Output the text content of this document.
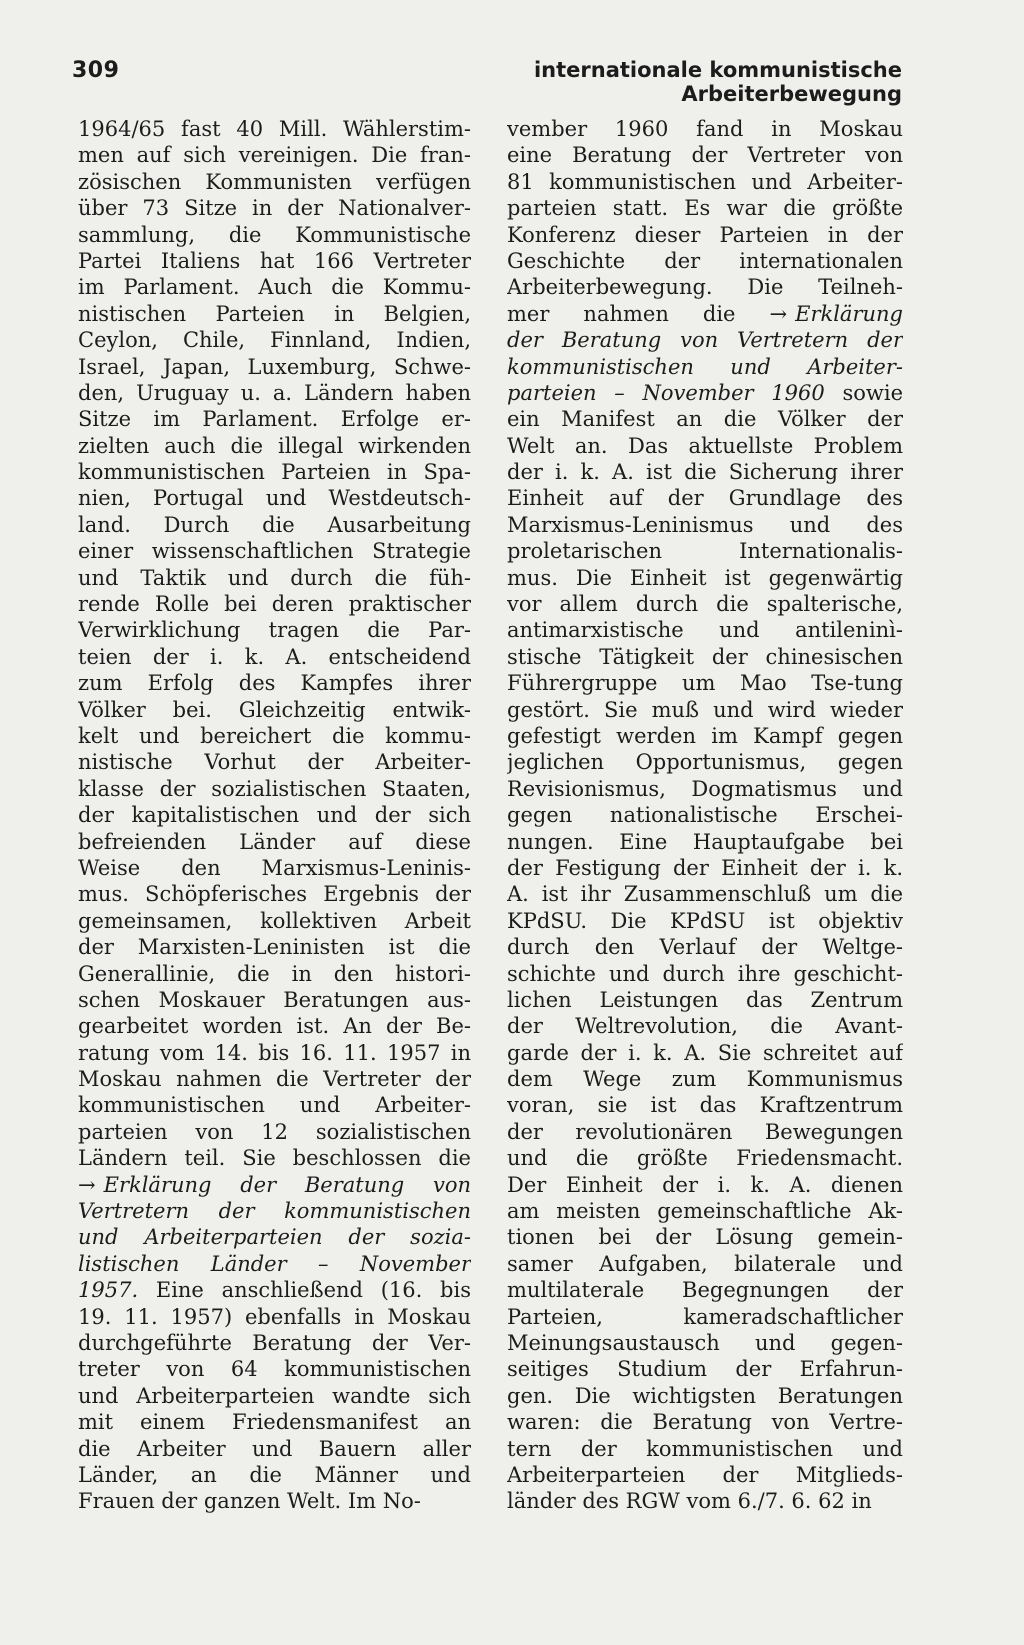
309	internationale kommunistische Arbeiterbewegung

1964/65 fast 40 Mill. Wählerstim-
men auf sich vereinigen. Die fran-
zösischen Kommunisten verfügen
über 73 Sitze in der Nationalver-
sammlung, die Kommunistische
Partei Italiens hat 166 Vertreter
im Parlament. Auch die Kommu-
nistischen Parteien in Belgien,
Ceylon, Chile, Finnland, Indien,
Israel, Japan, Luxemburg, Schwe-
den, Uruguay u. a. Ländern haben
Sitze im Parlament. Erfolge er-
zielten auch die illegal wirkenden
kommunistischen Parteien in Spa-
nien, Portugal und Westdeutsch-
land. Durch die Ausarbeitung
einer wissenschaftlichen Strategie
und Taktik und durch die füh-
rende Rolle bei deren praktischer
Verwirklichung tragen die Par-
teien der i. k. A. entscheidend
zum Erfolg des Kampfes ihrer
Völker bei. Gleichzeitig entwik-
kelt und bereichert die kommu-
nistische Vorhut der Arbeiter-
klasse der sozialistischen Staaten,
der kapitalistischen und der sich
befreienden Länder auf diese
Weise den Marxismus-Leninis-
mus. Schöpferisches Ergebnis der
gemeinsamen, kollektiven Arbeit
der Marxisten-Leninisten ist die
Generallinie, die in den histori-
schen Moskauer Beratungen aus-
gearbeitet worden ist. An der Be-
ratung vom 14. bis 16. 11. 1957 in
Moskau nahmen die Vertreter der
kommunistischen und Arbeiter-
parteien von 12 sozialistischen
Ländern teil. Sie beschlossen die
→ Erklärung der Beratung von
Vertretern der kommunistischen
und Arbeiterparteien der sozia-
listischen Länder – November
1957. Eine anschließend (16. bis
19. 11. 1957) ebenfalls in Moskau
durchgeführte Beratung der Ver-
treter von 64 kommunistischen
und Arbeiterparteien wandte sich
mit einem Friedensmanifest an
die Arbeiter und Bauern aller
Länder, an die Männer und
Frauen der ganzen Welt. Im No-
vember 1960 fand in Moskau
eine Beratung der Vertreter von
81 kommunistischen und Arbeiter-
parteien statt. Es war die größte
Konferenz dieser Parteien in der
Geschichte der internationalen
Arbeiterbewegung. Die Teilneh-
mer nahmen die → Erklärung
der Beratung von Vertretern der
kommunistischen und Arbeiter-
parteien – November 1960 sowie
ein Manifest an die Völker der
Welt an. Das aktuellste Problem
der i. k. A. ist die Sicherung ihrer
Einheit auf der Grundlage des
Marxismus-Leninismus und des
proletarischen Internationalis-
mus. Die Einheit ist gegenwärtig
vor allem durch die spalterische,
antimarxistische und antileninì-
stische Tätigkeit der chinesischen
Führergruppe um Mao Tse-tung
gestört. Sie muß und wird wieder
gefestigt werden im Kampf gegen
jeglichen Opportunismus, gegen
Revisionismus, Dogmatismus und
gegen nationalistische Erschei-
nungen. Eine Hauptaufgabe bei
der Festigung der Einheit der i. k.
A. ist ihr Zusammenschluß um die
KPdSU. Die KPdSU ist objektiv
durch den Verlauf der Weltge-
schichte und durch ihre geschicht-
lichen Leistungen das Zentrum
der Weltrevolution, die Avant-
garde der i. k. A. Sie schreitet auf
dem Wege zum Kommunismus
voran, sie ist das Kraftzentrum
der revolutionären Bewegungen
und die größte Friedensmacht.
Der Einheit der i. k. A. dienen
am meisten gemeinschaftliche Ak-
tionen bei der Lösung gemein-
samer Aufgaben, bilaterale und
multilaterale Begegnungen der
Parteien, kameradschaftlicher
Meinungsaustausch und gegen-
seitiges Studium der Erfahrun-
gen. Die wichtigsten Beratungen
waren: die Beratung von Vertre-
tern der kommunistischen und
Arbeiterparteien der Mitglieds-
länder des RGW vom 6./7. 6. 62 in
